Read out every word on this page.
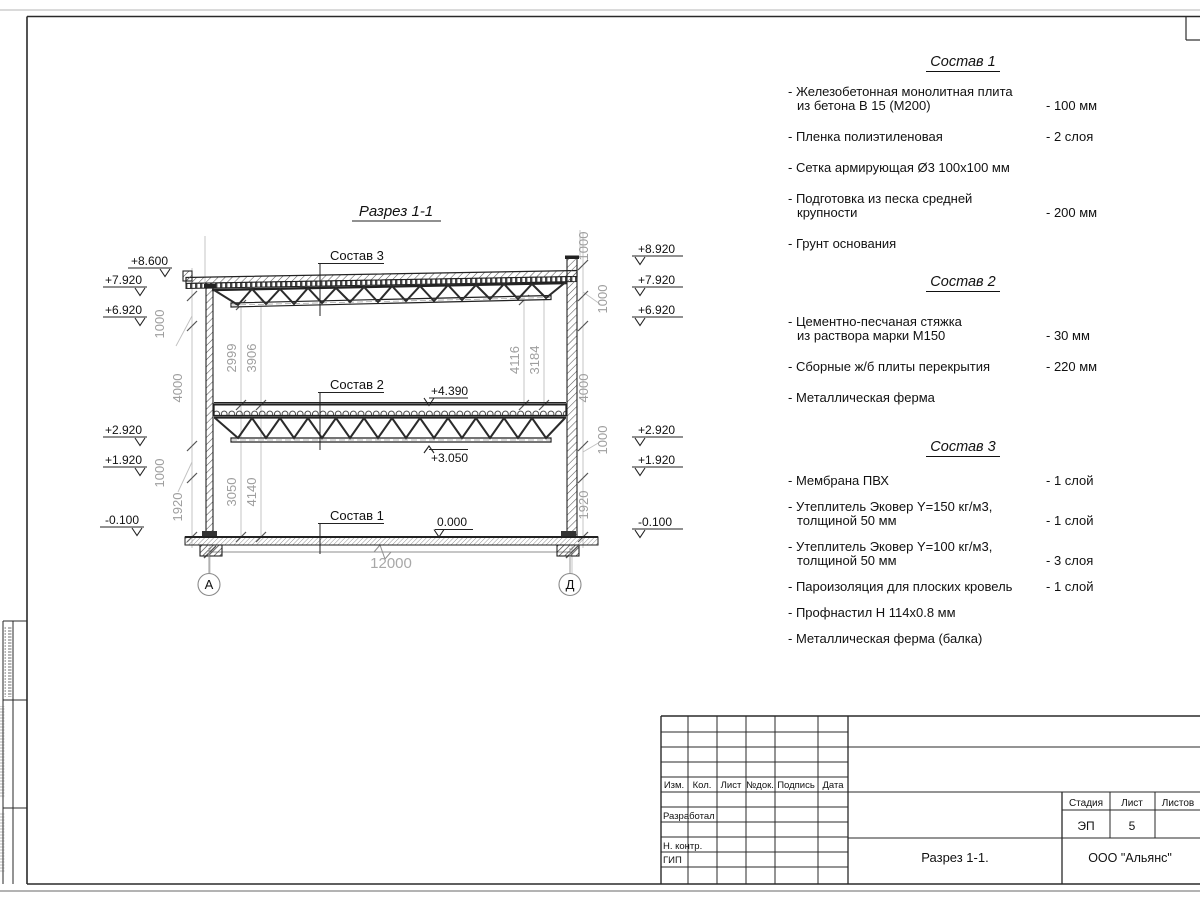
А	Д
+8.600
+7.920
+6.920
+2.920
+1.920
-0.100
+8.920
+7.920
+6.920
+2.920
+1.920
-0.100
1000
4000
1000
1920
1000
1000
4000
1000
1920
2999 3906	4116 3184
3050 4140
12000
Разрез 1-1
Состав 3
Состав 2
Состав 1
+4.390
+3.050
0.000
Изм. Кол. Лист №док. Подпись Дата
Разработал
Н. контр.
ГИП
Стадия Лист Листов
ЭП	5
Разрез 1-1.	ООО "Альянс"
Состав 1
- Железобетонная монолитная плита
из бетона В 15 (М200)	- 100 мм
- Пленка полиэтиленовая	- 2 слоя
- Сетка армирующая Ø3 100х100 мм
- Подготовка из песка средней
крупности	- 200 мм
- Грунт основания
Состав 2
- Цементно-песчаная стяжка
из раствора марки М150	- 30 мм
- Сборные ж/б плиты перекрытия	- 220 мм
- Металлическая ферма
Состав 3
- Мембрана ПВХ	- 1 слой
- Утеплитель Эковер Y=150 кг/м3,
толщиной 50 мм	- 1 слой
- Утеплитель Эковер Y=100 кг/м3,
толщиной 50 мм	- 3 слоя
- Пароизоляция для плоских кровель	- 1 слой
- Профнастил Н 114х0.8 мм
- Металлическая ферма (балка)
